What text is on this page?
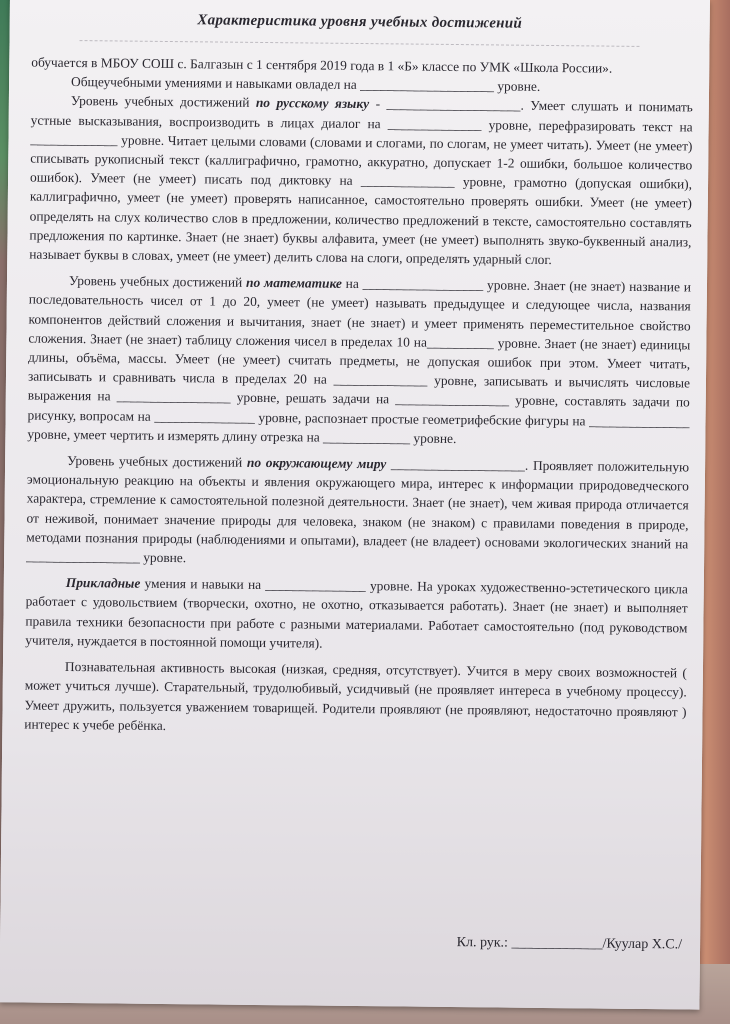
Характеристика уровня учебных достижений

обучается в МБОУ СОШ с. Балгазын с 1 сентября 2019 года в 1 «Б» классе по УМК «Школа России».

Общеучебными умениями и навыками овладел на ____________________ уровне.

Уровень учебных достижений по русскому языку - ____________________. Умеет слушать и понимать устные высказывания, воспроизводить в лицах диалог на ______________ уровне, перефразировать текст на _____________ уровне. Читает целыми словами (словами и слогами, по слогам, не умеет читать). Умеет (не умеет) списывать рукописный текст (каллиграфично, грамотно, аккуратно, допускает 1-2 ошибки, большое количество ошибок). Умеет (не умеет) писать под диктовку на ______________ уровне, грамотно (допуская ошибки), каллиграфично, умеет (не умеет) проверять написанное, самостоятельно проверять ошибки. Умеет (не умеет) определять на слух количество слов в предложении, количество предложений в тексте, самостоятельно составлять предложения по картинке. Знает (не знает) буквы алфавита, умеет (не умеет) выполнять звуко-буквенный анализ, называет буквы в словах, умеет (не умеет) делить слова на слоги, определять ударный слог.

Уровень учебных достижений по математике на __________________ уровне. Знает (не знает) название и последовательность чисел от 1 до 20, умеет (не умеет) называть предыдущее и следующее числа, названия компонентов действий сложения и вычитания, знает (не знает) и умеет применять переместительное свойство сложения. Знает (не знает) таблицу сложения чисел в пределах 10 на__________ уровне. Знает (не знает) единицы длины, объёма, массы. Умеет (не умеет) считать предметы, не допуская ошибок при этом. Умеет читать, записывать и сравнивать числа в пределах 20 на ______________ уровне, записывать и вычислять числовые выражения на _________________ уровне, решать задачи на _________________ уровне, составлять задачи по рисунку, вопросам на _______________ уровне, распознает простые геометрифебские фигуры на _______________ уровне, умеет чертить и измерять длину отрезка на _____________ уровне.

Уровень учебных достижений по окружающему миру ____________________. Проявляет положительную эмоциональную реакцию на объекты и явления окружающего мира, интерес к информации природоведческого характера, стремление к самостоятельной полезной деятельности. Знает (не знает), чем живая природа отличается от неживой, понимает значение природы для человека, знаком (не знаком) с правилами поведения в природе, методами познания природы (наблюдениями и опытами), владеет (не владеет) основами экологических знаний на _________________ уровне.

Прикладные умения и навыки на _______________ уровне. На уроках художественно-эстетического цикла работает с удовольствием (творчески, охотно, не охотно, отказывается работать). Знает (не знает) и выполняет правила техники безопасности при работе с разными материалами. Работает самостоятельно (под руководством учителя, нуждается в постоянной помощи учителя).

Познавательная активность высокая (низкая, средняя, отсутствует). Учится в меру своих возможностей ( может учиться лучше). Старательный, трудолюбивый, усидчивый (не проявляет интереса в учебному процессу). Умеет дружить, пользуется уважением товарищей. Родители проявляют (не проявляют, недостаточно проявляют ) интерес к учебе ребёнка.

Кл. рук.: _____________/Куулар Х.С./
